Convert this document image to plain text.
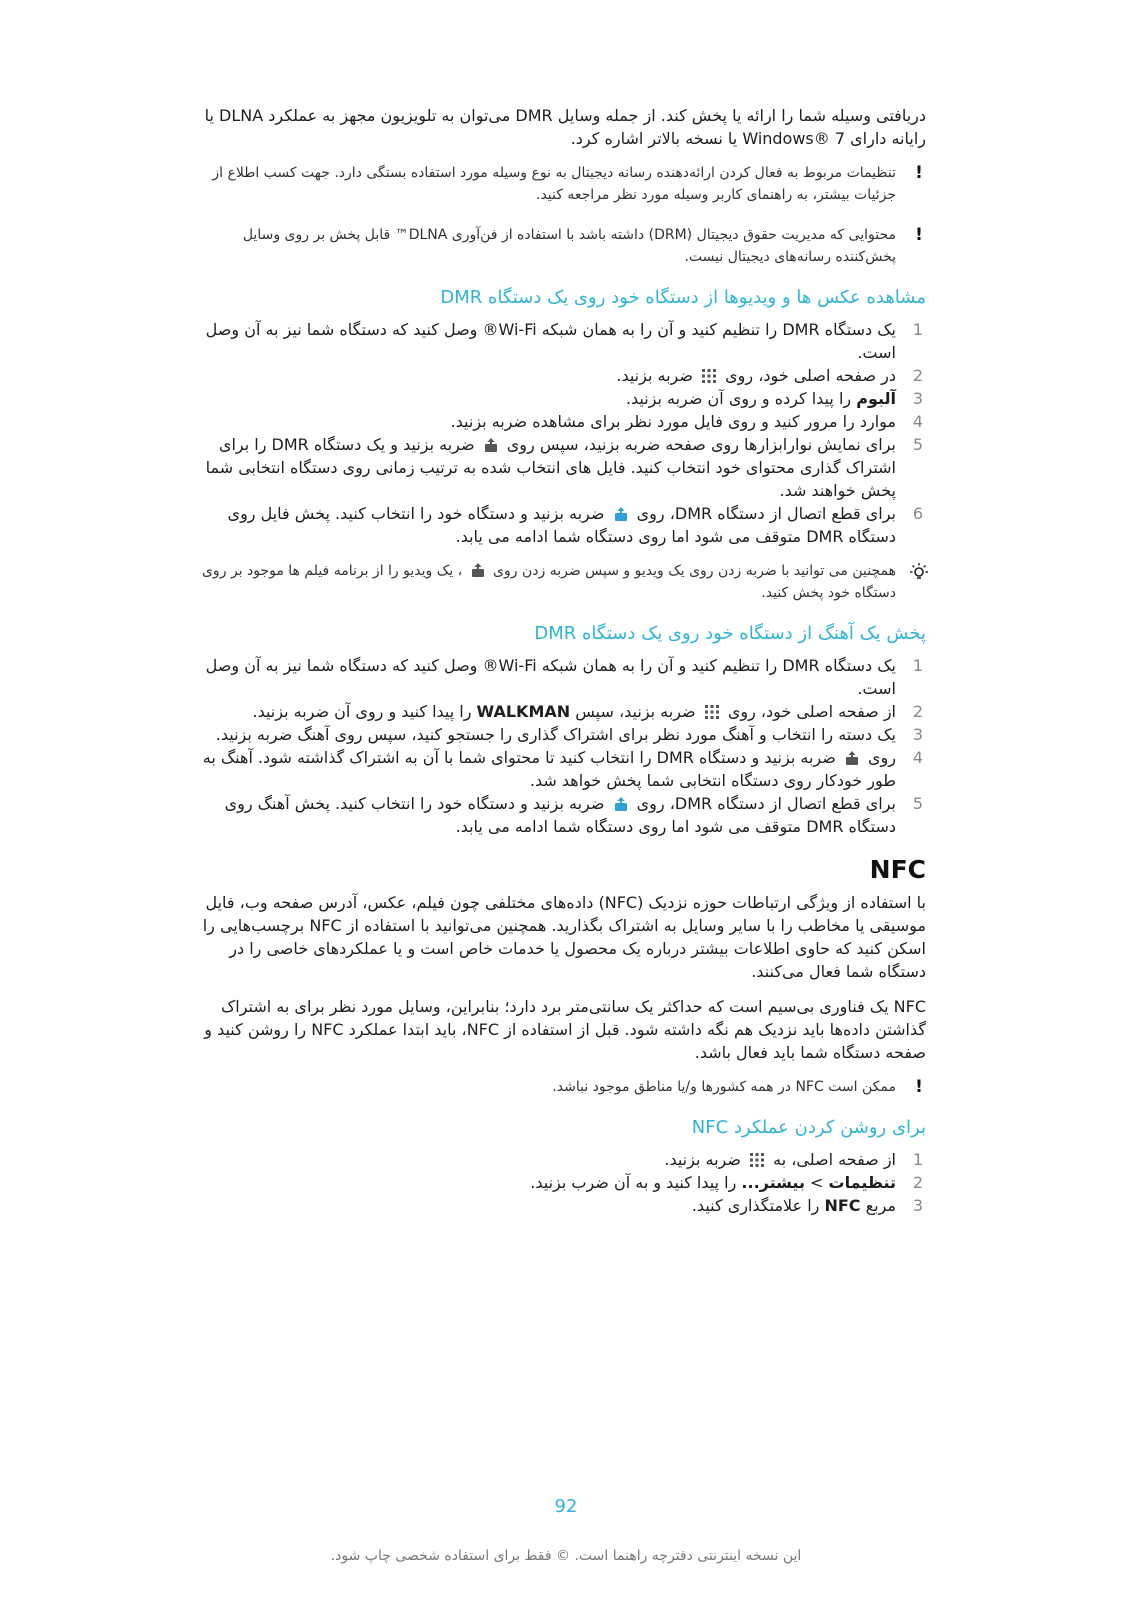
دریافتی وسیله شما را ارائه یا پخش کند. از جمله وسایل DMR می‌توان به تلویزیون مجهز به عملکرد DLNA یا رایانه دارای Windows® 7 یا نسخه بالاتر اشاره کرد.

!
تنظیمات مربوط به فعال کردن ارائه‌دهنده رسانه دیجیتال به نوع وسیله مورد استفاده بستگی دارد. جهت کسب اطلاع از جزئیات بیشتر، به راهنمای کاربر وسیله مورد نظر مراجعه کنید.
!
محتوایی که مدیریت حقوق دیجیتال (DRM) داشته باشد با استفاده از فن‌آوری DLNA™ قابل پخش بر روی وسایل پخش‌کننده رسانه‌های دیجیتال نیست.
مشاهده عکس ها و ویدیوها از دستگاه خود روی یک دستگاه DMR
1
یک دستگاه DMR را تنظیم کنید و آن را به همان شبکه Wi-Fi® وصل کنید که دستگاه شما نیز به آن وصل است.
2
در صفحه اصلی خود، روی  ضربه بزنید.
3
آلبوم را پیدا کرده و روی آن ضربه بزنید.
4
موارد را مرور کنید و روی فایل مورد نظر برای مشاهده ضربه بزنید.
5
برای نمایش نوارابزارها روی صفحه ضربه بزنید، سپس روی  ضربه بزنید و یک دستگاه DMR را برای اشتراک گذاری محتوای خود انتخاب کنید. فایل های انتخاب شده به ترتیب زمانی روی دستگاه انتخابی شما پخش خواهند شد.
6
برای قطع اتصال از دستگاه DMR، روی  ضربه بزنید و دستگاه خود را انتخاب کنید. پخش فایل روی دستگاه DMR متوقف می شود اما روی دستگاه شما ادامه می یابد.
همچنین می توانید با ضربه زدن روی یک ویدیو و سپس ضربه زدن روی  ، یک ویدیو را از برنامه فیلم ها موجود بر روی دستگاه خود پخش کنید.
پخش یک آهنگ از دستگاه خود روی یک دستگاه DMR
1
یک دستگاه DMR را تنظیم کنید و آن را به همان شبکه Wi-Fi® وصل کنید که دستگاه شما نیز به آن وصل است.
2
از صفحه اصلی خود، روی  ضربه بزنید، سپس WALKMAN را پیدا کنید و روی آن ضربه بزنید.
3
یک دسته را انتخاب و آهنگ مورد نظر برای اشتراک گذاری را جستجو کنید، سپس روی آهنگ ضربه بزنید.
4
روی  ضربه بزنید و دستگاه DMR را انتخاب کنید تا محتوای شما با آن به اشتراک گذاشته شود. آهنگ به طور خودکار روی دستگاه انتخابی شما پخش خواهد شد.
5
برای قطع اتصال از دستگاه DMR، روی  ضربه بزنید و دستگاه خود را انتخاب کنید. پخش آهنگ روی دستگاه DMR متوقف می شود اما روی دستگاه شما ادامه می یابد.
NFC

با استفاده از ویژگی ارتباطات حوزه نزدیک (NFC) داده‌های مختلفی چون فیلم، عکس، آدرس صفحه وب، فایل موسیقی یا مخاطب را با سایر وسایل به اشتراک بگذارید. همچنین می‌توانید با استفاده از NFC برچسب‌هایی را اسکن کنید که حاوی اطلاعات بیشتر درباره یک محصول یا خدمات خاص است و یا عملکردهای خاصی را در دستگاه شما فعال می‌کنند.

NFC یک فناوری بی‌سیم است که حداکثر یک سانتی‌متر برد دارد؛ بنابراین، وسایل مورد نظر برای به اشتراک گذاشتن داده‌ها باید نزدیک هم نگه داشته شود. قبل از استفاده از NFC، باید ابتدا عملکرد NFC را روشن کنید و صفحه دستگاه شما باید فعال باشد.

!
ممکن است NFC در همه کشورها و/یا مناطق موجود نباشد.
برای روشن کردن عملکرد NFC
1
از صفحه اصلی، به  ضربه بزنید.
2
تنظیمات > بیشتر... را پیدا کنید و به آن ضرب بزنید.
3
مربع NFC را علامتگذاری کنید.
92
این نسخه اینترنتی دفترچه راهنما است. © فقط برای استفاده شخصی چاپ شود.
